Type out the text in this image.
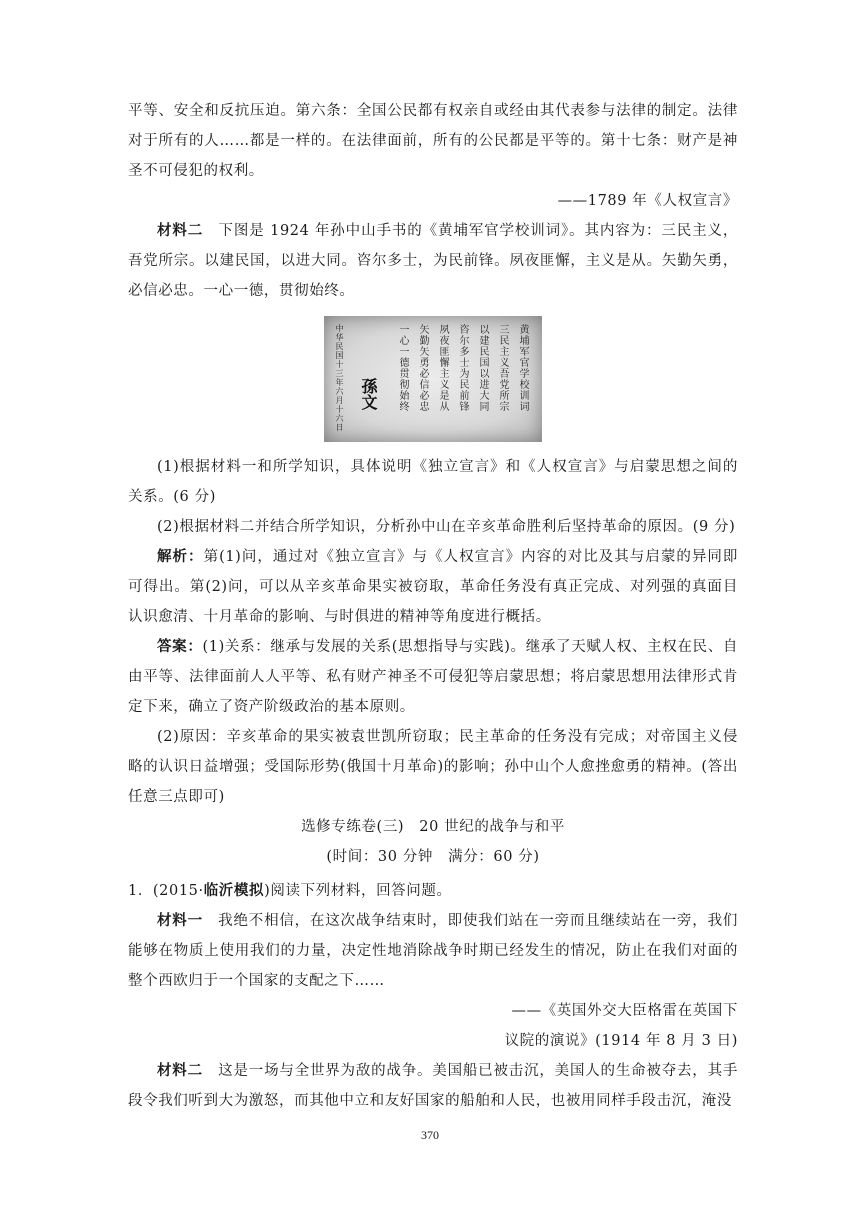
平等、安全和反抗压迫。第六条：全国公民都有权亲自或经由其代表参与法律的制定。法律对于所有的人……都是一样的。在法律面前，所有的公民都是平等的。第十七条：财产是神圣不可侵犯的权利。

——1789 年《人权宣言》

材料二　下图是 1924 年孙中山手书的《黄埔军官学校训词》。其内容为：三民主义，吾党所宗。以建民国，以进大同。咨尔多士，为民前锋。夙夜匪懈，主义是从。矢勤矢勇，必信必忠。一心一德，贯彻始终。

黄埔军官学校训词
三民主义吾党所宗
以建民国以进大同
咨尔多士为民前锋
夙夜匪懈主义是从
矢勤矢勇必信必忠
一心一德贯彻始终
中华民国十三年六月十六日 孫文

(1)根据材料一和所学知识，具体说明《独立宣言》和《人权宣言》与启蒙思想之间的关系。(6 分)

(2)根据材料二并结合所学知识，分析孙中山在辛亥革命胜利后坚持革命的原因。(9 分)

解析：第(1)问，通过对《独立宣言》与《人权宣言》内容的对比及其与启蒙的异同即可得出。第(2)问，可以从辛亥革命果实被窃取，革命任务没有真正完成、对列强的真面目认识愈清、十月革命的影响、与时俱进的精神等角度进行概括。

答案：(1)关系：继承与发展的关系(思想指导与实践)。继承了天赋人权、主权在民、自由平等、法律面前人人平等、私有财产神圣不可侵犯等启蒙思想；将启蒙思想用法律形式肯定下来，确立了资产阶级政治的基本原则。

(2)原因：辛亥革命的果实被袁世凯所窃取；民主革命的任务没有完成；对帝国主义侵略的认识日益增强；受国际形势(俄国十月革命)的影响；孙中山个人愈挫愈勇的精神。(答出任意三点即可)

选修专练卷(三)　20 世纪的战争与和平

(时间：30 分钟　满分：60 分)

1．(2015·临沂模拟)阅读下列材料，回答问题。

材料一　我绝不相信，在这次战争结束时，即使我们站在一旁而且继续站在一旁，我们能够在物质上使用我们的力量，决定性地消除战争时期已经发生的情况，防止在我们对面的整个西欧归于一个国家的支配之下……

——《英国外交大臣格雷在英国下

议院的演说》(1914 年 8 月 3 日)

材料二　这是一场与全世界为敌的战争。美国船已被击沉，美国人的生命被夺去，其手段令我们听到大为激怒，而其他中立和友好国家的船舶和人民，也被用同样手段击沉，淹没

370
